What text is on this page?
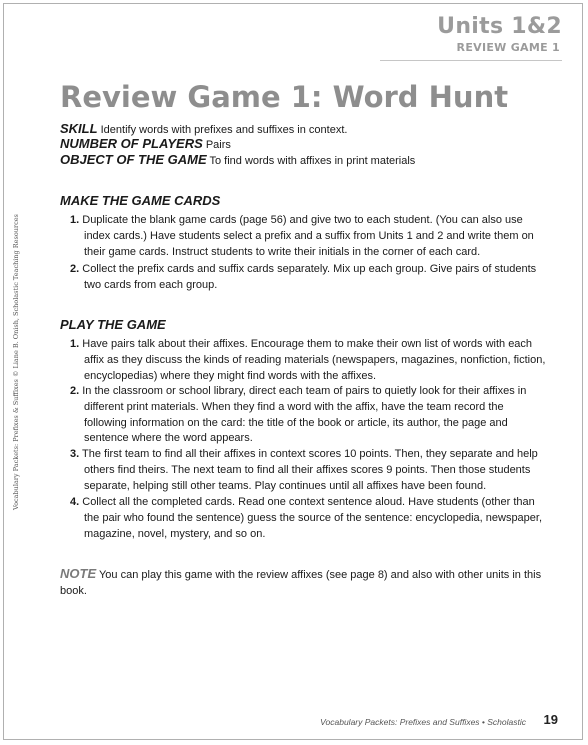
Units 1&2
REVIEW GAME 1
Review Game 1: Word Hunt
SKILL Identify words with prefixes and suffixes in context.
NUMBER OF PLAYERS Pairs
OBJECT OF THE GAME To find words with affixes in print materials
MAKE THE GAME CARDS
1. Duplicate the blank game cards (page 56) and give two to each student. (You can also use index cards.) Have students select a prefix and a suffix from Units 1 and 2 and write them on their game cards. Instruct students to write their initials in the corner of each card.
2. Collect the prefix cards and suffix cards separately. Mix up each group. Give pairs of students two cards from each group.
PLAY THE GAME
1. Have pairs talk about their affixes. Encourage them to make their own list of words with each affix as they discuss the kinds of reading materials (newspapers, magazines, nonfiction, fiction, encyclopedias) where they might find words with the affixes.
2. In the classroom or school library, direct each team of pairs to quietly look for their affixes in different print materials. When they find a word with the affix, have the team record the following information on the card: the title of the book or article, its author, the page and sentence where the word appears.
3. The first team to find all their affixes in context scores 10 points. Then, they separate and help others find theirs. The next team to find all their affixes scores 9 points. Then those students separate, helping still other teams. Play continues until all affixes have been found.
4. Collect all the completed cards. Read one context sentence aloud. Have students (other than the pair who found the sentence) guess the source of the sentence: encyclopedia, newspaper, magazine, novel, mystery, and so on.
NOTE You can play this game with the review affixes (see page 8) and also with other units in this book.
Vocabulary Packets: Prefixes & Suffixes © Liane B. Onish, Scholastic Teaching Resources
Vocabulary Packets: Prefixes and Suffixes • Scholastic 19
